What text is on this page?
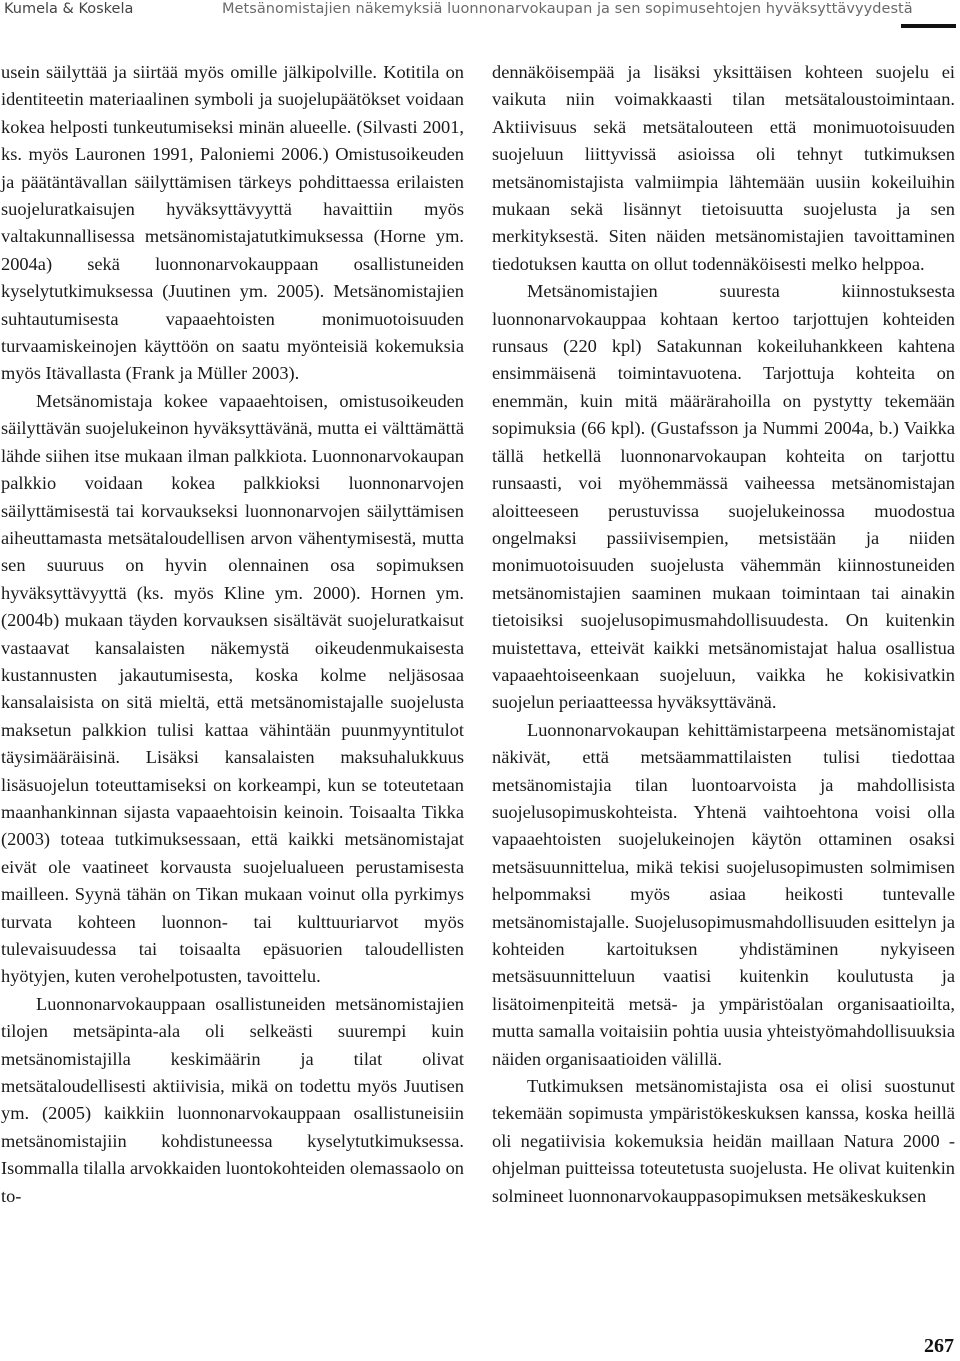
Kumela & Koskela	Metsänomistajien näkemyksiä luonnonarvokaupan ja sen sopimusehtojen hyväksyttävyydestä

usein säilyttää ja siirtää myös omille jälkipolville. Kotitila on identiteetin materiaalinen symboli ja suojelupäätökset voidaan kokea helposti tunkeutumiseksi minän alueelle. (Silvasti 2001, ks. myös Lauronen 1991, Paloniemi 2006.) Omistusoikeuden ja päätäntävallan säilyttämisen tärkeys pohdittaessa erilaisten suojeluratkaisujen hyväksyttävyyttä havaittiin myös valtakunnallisessa metsänomistajatutkimuksessa (Horne ym. 2004a) sekä luonnonarvokauppaan osallistuneiden kyselytutkimuksessa (Juutinen ym. 2005). Metsänomistajien suhtautumisesta vapaaehtoisten monimuotoisuuden turvaamiskeinojen käyttöön on saatu myönteisiä kokemuksia myös Itävallasta (Frank ja Müller 2003).

Metsänomistaja kokee vapaaehtoisen, omistusoikeuden säilyttävän suojelukeinon hyväksyttävänä, mutta ei välttämättä lähde siihen itse mukaan ilman palkkiota. Luonnonarvokaupan palkkio voidaan kokea palkkioksi luonnonarvojen säilyttämisestä tai korvaukseksi luonnonarvojen säilyttämisen aiheuttamasta metsätaloudellisen arvon vähentymisestä, mutta sen suuruus on hyvin olennainen osa sopimuksen hyväksyttävyyttä (ks. myös Kline ym. 2000). Hornen ym. (2004b) mukaan täyden korvauksen sisältävät suojeluratkaisut vastaavat kansalaisten näkemystä oikeudenmukaisesta kustannusten jakautumisesta, koska kolme neljäsosaa kansalaisista on sitä mieltä, että metsänomistajalle suojelusta maksetun palkkion tulisi kattaa vähintään puunmyyntitulot täysimääräisinä. Lisäksi kansalaisten maksuhalukkuus lisäsuojelun toteuttamiseksi on korkeampi, kun se toteutetaan maanhankinnan sijasta vapaaehtoisin keinoin. Toisaalta Tikka (2003) toteaa tutkimuksessaan, että kaikki metsänomistajat eivät ole vaatineet korvausta suojelualueen perustamisesta mailleen. Syynä tähän on Tikan mukaan voinut olla pyrkimys turvata kohteen luonnon- tai kulttuuriarvot myös tulevaisuudessa tai toisaalta epäsuorien taloudellisten hyötyjen, kuten verohelpotusten, tavoittelu.

Luonnonarvokauppaan osallistuneiden metsänomistajien tilojen metsäpinta-ala oli selkeästi suurempi kuin metsänomistajilla keskimäärin ja tilat olivat metsätaloudellisesti aktiivisia, mikä on todettu myös Juutisen ym. (2005) kaikkiin luonnonarvokauppaan osallistuneisiin metsänomistajiin kohdistuneessa kyselytutkimuksessa. Isommalla tilalla arvokkaiden luontokohteiden olemassaolo on to-

dennäköisempää ja lisäksi yksittäisen kohteen suojelu ei vaikuta niin voimakkaasti tilan metsätaloustoimintaan. Aktiivisuus sekä metsätalouteen että monimuotoisuuden suojeluun liittyvissä asioissa oli tehnyt tutkimuksen metsänomistajista valmiimpia lähtemään uusiin kokeiluihin mukaan sekä lisännyt tietoisuutta suojelusta ja sen merkityksestä. Siten näiden metsänomistajien tavoittaminen tiedotuksen kautta on ollut todennäköisesti melko helppoa.

Metsänomistajien suuresta kiinnostuksesta luonnonarvokauppaa kohtaan kertoo tarjottujen kohteiden runsaus (220 kpl) Satakunnan kokeiluhankkeen kahtena ensimmäisenä toimintavuotena. Tarjottuja kohteita on enemmän, kuin mitä määrärahoilla on pystytty tekemään sopimuksia (66 kpl). (Gustafsson ja Nummi 2004a, b.) Vaikka tällä hetkellä luonnonarvokaupan kohteita on tarjottu runsaasti, voi myöhemmässä vaiheessa metsänomistajan aloitteeseen perustuvissa suojelukeinossa muodostua ongelmaksi passiivisempien, metsistään ja niiden monimuotoisuuden suojelusta vähemmän kiinnostuneiden metsänomistajien saaminen mukaan toimintaan tai ainakin tietoisiksi suojelusopimusmahdollisuudesta. On kuitenkin muistettava, etteivät kaikki metsänomistajat halua osallistua vapaaehtoiseenkaan suojeluun, vaikka he kokisivatkin suojelun periaatteessa hyväksyttävänä.

Luonnonarvokaupan kehittämistarpeena metsänomistajat näkivät, että metsäammattilaisten tulisi tiedottaa metsänomistajia tilan luontoarvoista ja mahdollisista suojelusopimuskohteista. Yhtenä vaihtoehtona voisi olla vapaaehtoisten suojelukeinojen käytön ottaminen osaksi metsäsuunnittelua, mikä tekisi suojelusopimusten solmimisen helpommaksi myös asiaa heikosti tuntevalle metsänomistajalle. Suojelusopimusmahdollisuuden esittelyn ja kohteiden kartoituksen yhdistäminen nykyiseen metsäsuunnitteluun vaatisi kuitenkin koulutusta ja lisätoimenpiteitä metsä- ja ympäristöalan organisaatioilta, mutta samalla voitaisiin pohtia uusia yhteistyömahdollisuuksia näiden organisaatioiden välillä.

Tutkimuksen metsänomistajista osa ei olisi suostunut tekemään sopimusta ympäristökeskuksen kanssa, koska heillä oli negatiivisia kokemuksia heidän maillaan Natura 2000 -ohjelman puitteissa toteutetusta suojelusta. He olivat kuitenkin solmineet luonnonarvokauppasopimuksen metsäkeskuksen

267
